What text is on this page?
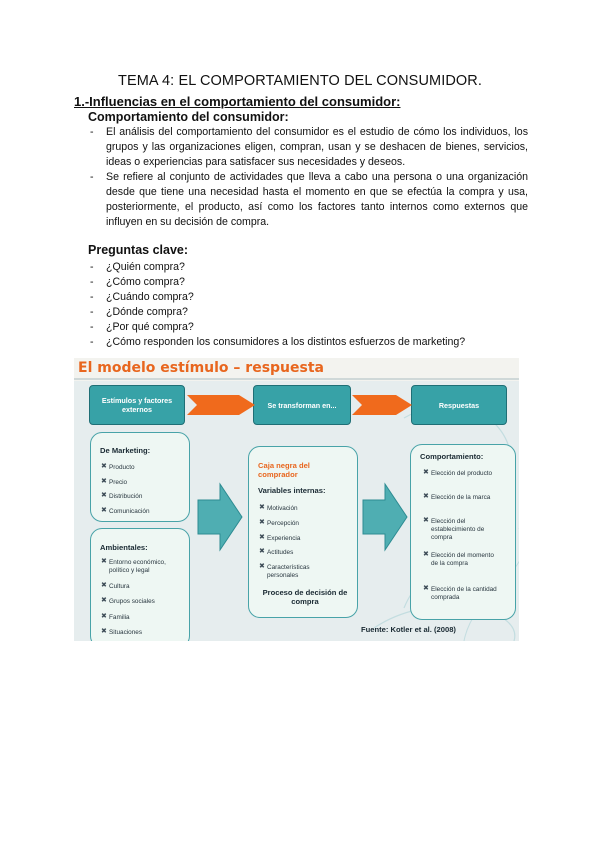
TEMA 4: EL COMPORTAMIENTO DEL CONSUMIDOR.
1.-Influencias en el comportamiento del consumidor:
Comportamiento del consumidor:
- El análisis del comportamiento del consumidor es el estudio de cómo los individuos, los grupos y las organizaciones eligen, compran, usan y se deshacen de bienes, servicios, ideas o experiencias para satisfacer sus necesidades y deseos.
- Se refiere al conjunto de actividades que lleva a cabo una persona o una organización desde que tiene una necesidad hasta el momento en que se efectúa la compra y usa, posteriormente, el producto, así como los factores tanto internos como externos que influyen en su decisión de compra.
Preguntas clave:
- ¿Quién compra?
- ¿Cómo compra?
- ¿Cuándo compra?
- ¿Dónde compra?
- ¿Por qué compra?
- ¿Cómo responden los consumidores a los distintos esfuerzos de marketing?
El modelo estímulo – respuesta
Estímulos y factores externos	Se transforman en...	Respuestas
De Marketing:
✖ Producto
✖ Precio
✖ Distribución
✖ Comunicación
Ambientales:
✖ Entorno económico, político y legal
✖ Cultura
✖ Grupos sociales
✖ Familia
✖ Situaciones
Caja negra del comprador
Variables internas:
✖ Motivación
✖ Percepción
✖ Experiencia
✖ Actitudes
✖ Características personales
Proceso de decisión de compra
Comportamiento:
✖ Elección del producto
✖ Elección de la marca
✖ Elección del establecimiento de compra
✖ Elección del momento de la compra
✖ Elección de la cantidad comprada
Fuente: Kotler et al. (2008)
